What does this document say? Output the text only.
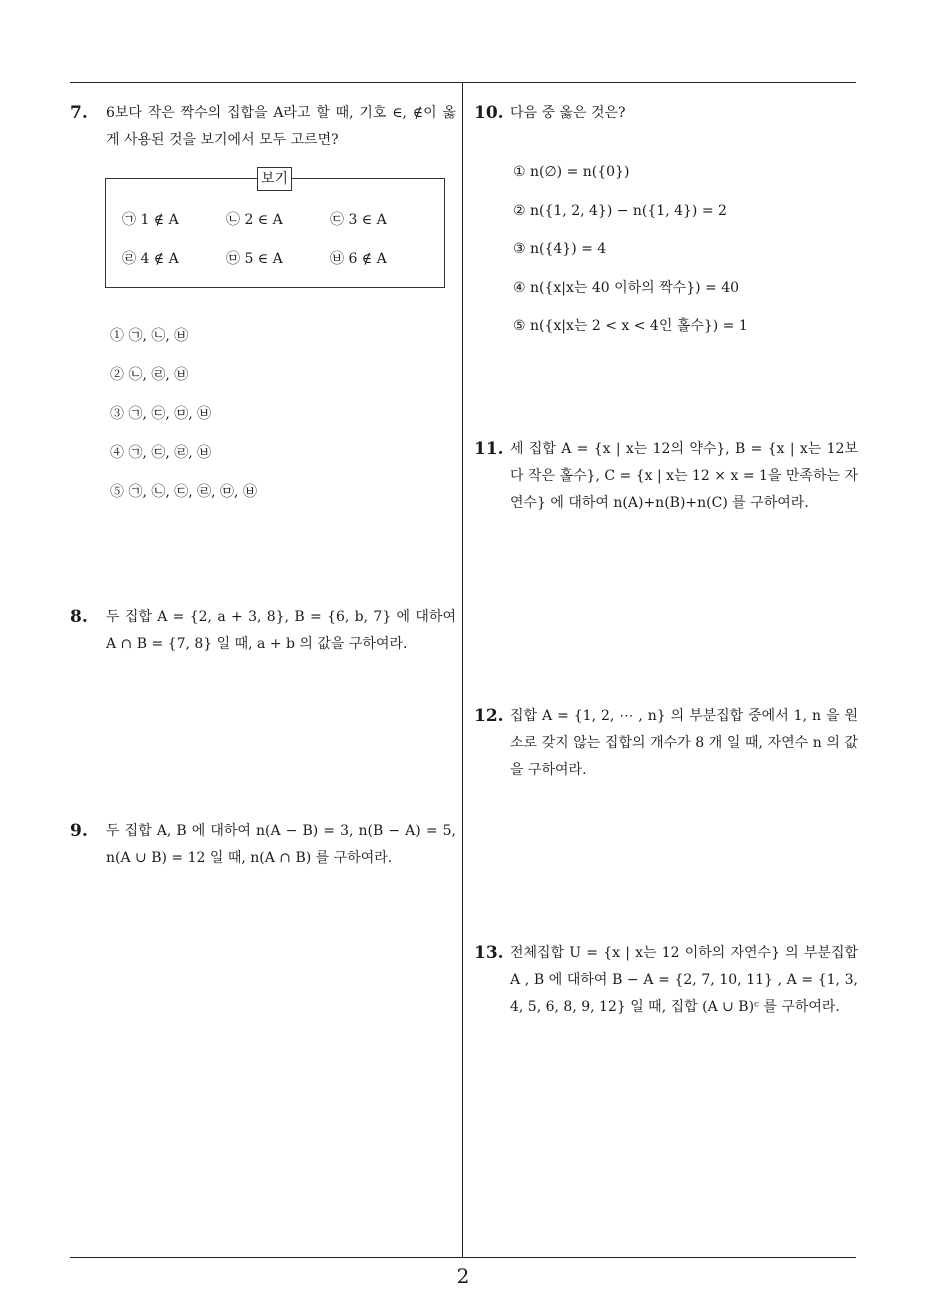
7. 6보다 작은 짝수의 집합을 A라고 할 때, 기호 ∈, ∉이 옳게 사용된 것을 보기에서 모두 고르면?
보기
㉠ 1 ∉ A	㉡ 2 ∈ A	㉢ 3 ∈ A
㉣ 4 ∉ A	㉤ 5 ∈ A	㉥ 6 ∉ A
① ㉠, ㉡, ㉥
② ㉡, ㉣, ㉥
③ ㉠, ㉢, ㉤, ㉥
④ ㉠, ㉢, ㉣, ㉥
⑤ ㉠, ㉡, ㉢, ㉣, ㉤, ㉥
8. 두 집합 A = {2, a + 3, 8}, B = {6, b, 7} 에 대하여 A ∩ B = {7, 8} 일 때, a + b 의 값을 구하여라.
9. 두 집합 A, B 에 대하여 n(A − B) = 3, n(B − A) = 5, n(A ∪ B) = 12 일 때, n(A ∩ B) 를 구하여라.
10. 다음 중 옳은 것은?
① n(∅) = n({0})
② n({1, 2, 4}) − n({1, 4}) = 2
③ n({4}) = 4
④ n({x|x는 40 이하의 짝수}) = 40
⑤ n({x|x는 2 < x < 4인 홀수}) = 1
11. 세 집합 A = {x | x는 12의 약수}, B = {x | x는 12보다 작은 홀수}, C = {x | x는 12 × x = 1을 만족하는 자연수} 에 대하여 n(A)+n(B)+n(C) 를 구하여라.
12. 집합 A = {1, 2, ⋯ , n} 의 부분집합 중에서 1, n 을 원소로 갖지 않는 집합의 개수가 8 개 일 때, 자연수 n 의 값을 구하여라.
13. 전체집합 U = {x | x는 12 이하의 자연수} 의 부분집합 A , B 에 대하여 B − A = {2, 7, 10, 11} , A = {1, 3, 4, 5, 6, 8, 9, 12} 일 때, 집합 (A ∪ B)ᶜ 를 구하여라.
2
